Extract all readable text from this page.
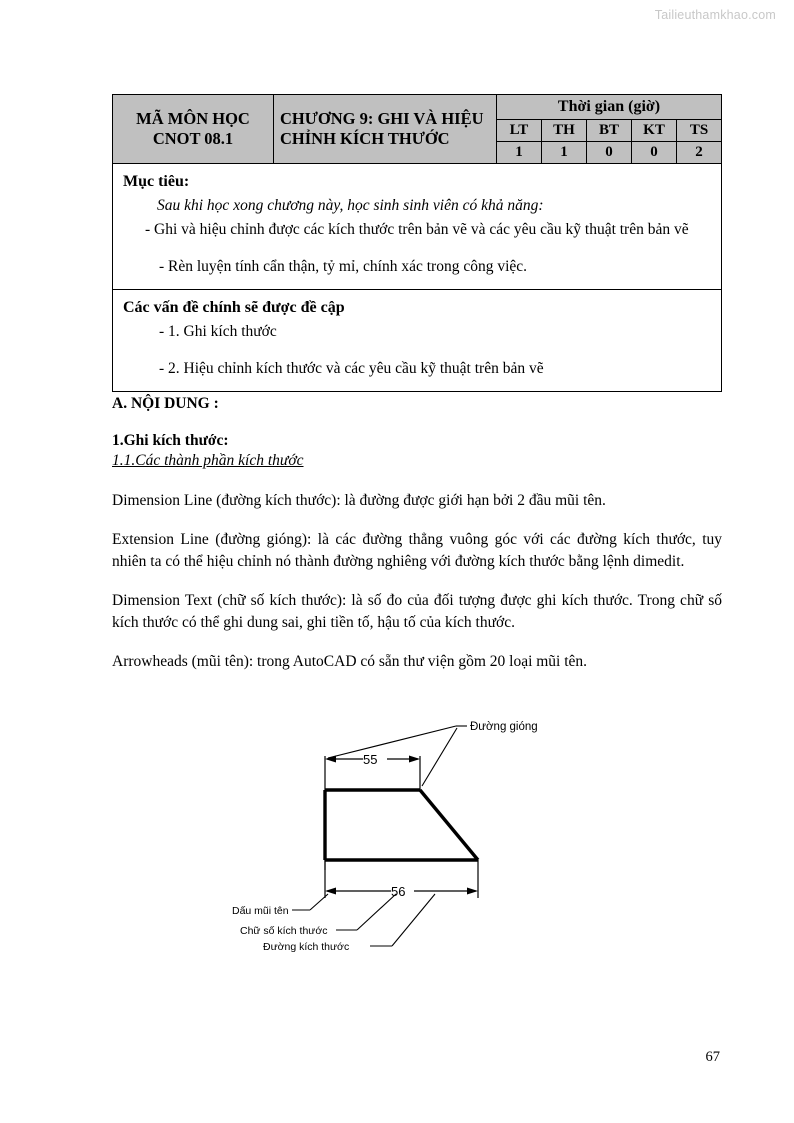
Tailieuthamkhao.com
MÃ MÔN HỌC
CNOT 08.1	CHƯƠNG 9: GHI VÀ HIỆU CHỈNH KÍCH THƯỚC	Thời gian (giờ)				
		LT	TH	BT	KT	TS
		1	1	0	0	2

Mục tiêu:

Sau khi học xong chương này, học sinh sinh viên có khả năng:

- Ghi và hiệu chỉnh được các kích thước trên bản vẽ và các yêu cầu kỹ thuật trên bản vẽ

- Rèn luyện tính cẩn thận, tỷ mỉ, chính xác trong công việc.						

Các vấn đề chính sẽ được đề cập

- 1. Ghi kích thước

- 2. Hiệu chỉnh kích thước và các yêu cầu kỹ thuật trên bản vẽ						

A. NỘI DUNG :

1.Ghi kích thước:

1.1.Các thành phần kích thước

Dimension Line (đường kích thước): là đường được giới hạn bởi 2 đầu mũi tên.

Extension Line (đường gióng): là các đường thẳng vuông góc với các đường kích thước, tuy nhiên ta có thể hiệu chỉnh nó thành đường nghiêng với đường kích thước bằng lệnh dimedit.

Dimension Text (chữ số kích thước): là số đo của đối tượng được ghi kích thước. Trong chữ số kích thước có thể ghi dung sai, ghi tiền tố, hậu tố của kích thước.

Arrowheads (mũi tên): trong AutoCAD có sẵn thư viện gồm 20 loại mũi tên.

55
56
Đường gióng
Dấu mũi tên
Chữ số kích thước
Đường kích thước
67
